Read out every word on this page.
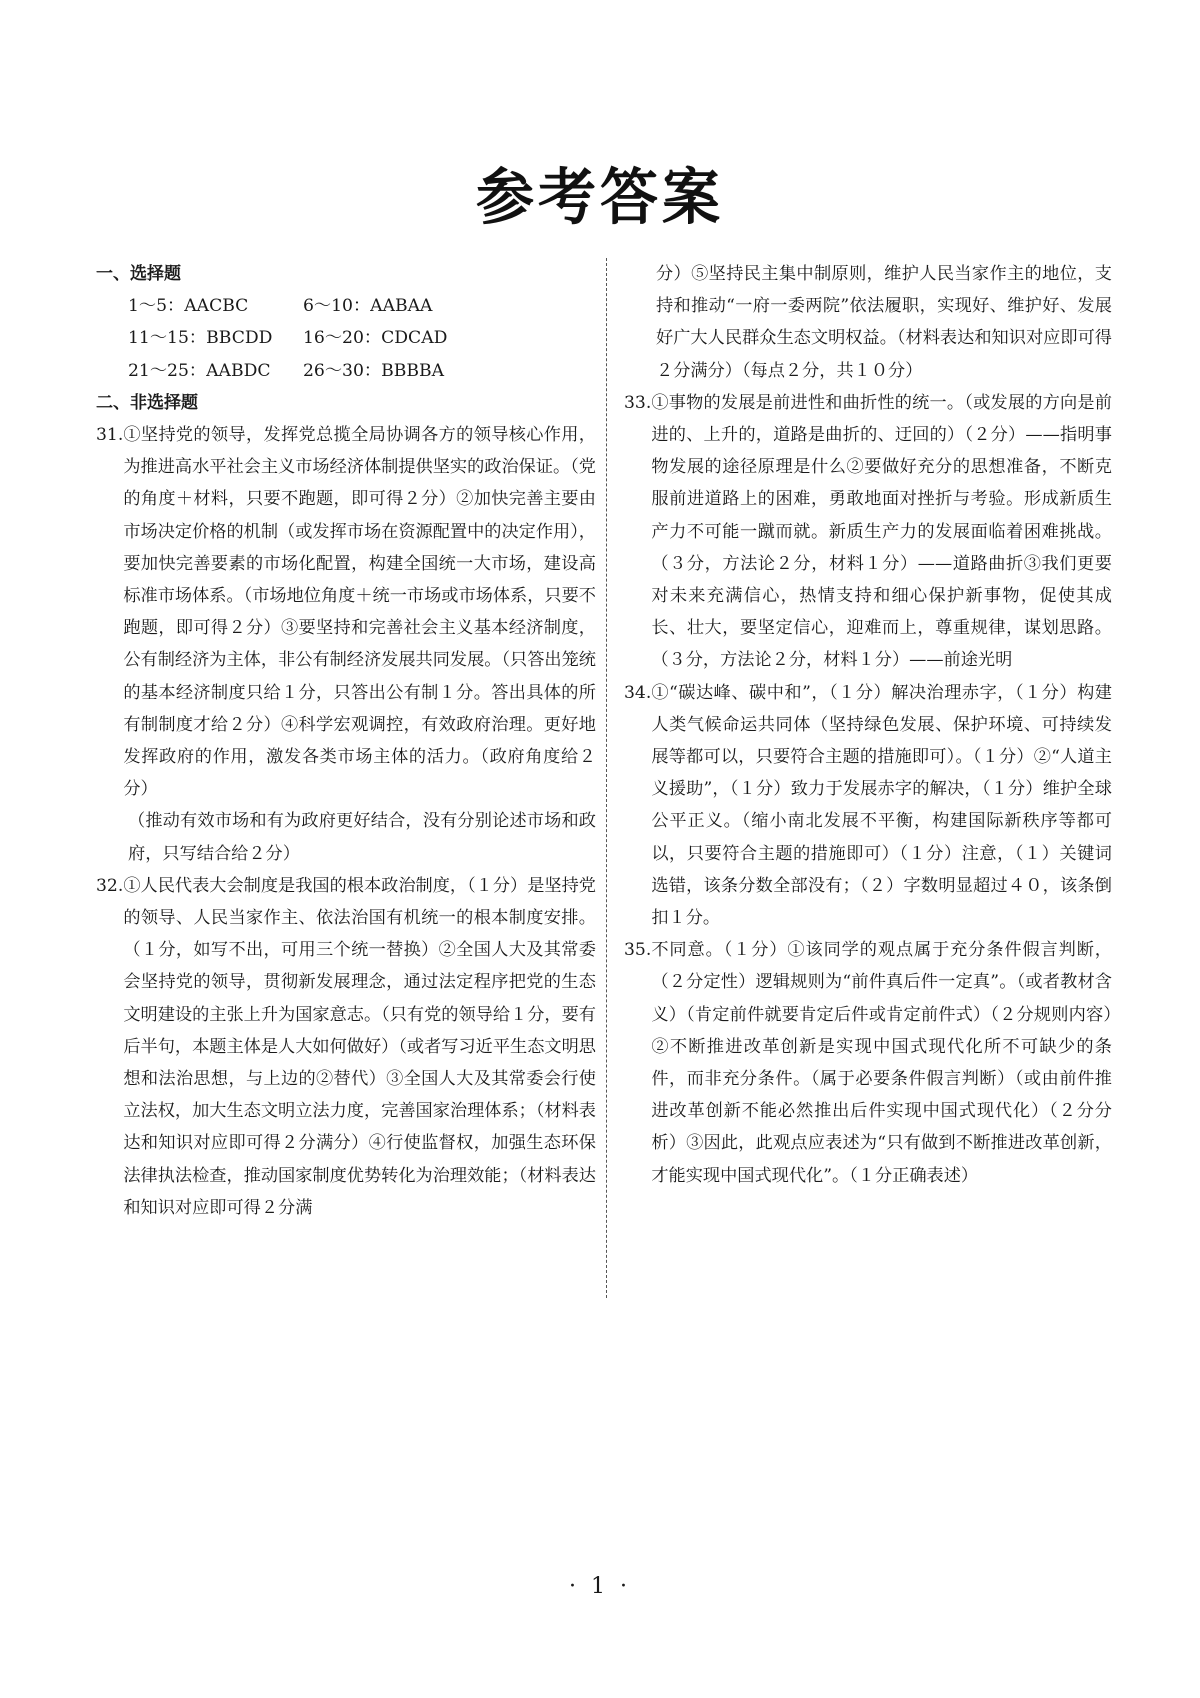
参考答案
一、选择题
1～5：AACBC	6～10：AABAA
11～15：BBCDD	16～20：CDCAD
21～25：AABDC	26～30：BBBBA
二、非选择题
31. ①坚持党的领导，发挥党总揽全局协调各方的领导核心作用，为推进高水平社会主义市场经济体制提供坚实的政治保证。（党的角度＋材料，只要不跑题，即可得２分）②加快完善主要由市场决定价格的机制（或发挥市场在资源配置中的决定作用），要加快完善要素的市场化配置，构建全国统一大市场，建设高标准市场体系。（市场地位角度＋统一市场或市场体系，只要不跑题，即可得２分）③要坚持和完善社会主义基本经济制度，公有制经济为主体，非公有制经济发展共同发展。（只答出笼统的基本经济制度只给１分，只答出公有制１分。答出具体的所有制制度才给２分）④科学宏观调控，有效政府治理。更好地发挥政府的作用，激发各类市场主体的活力。（政府角度给２分）
（推动有效市场和有为政府更好结合，没有分别论述市场和政府，只写结合给２分）
32. ①人民代表大会制度是我国的根本政治制度，（１分）是坚持党的领导、人民当家作主、依法治国有机统一的根本制度安排。（１分，如写不出，可用三个统一替换）②全国人大及其常委会坚持党的领导，贯彻新发展理念，通过法定程序把党的生态文明建设的主张上升为国家意志。（只有党的领导给１分，要有后半句，本题主体是人大如何做好）（或者写习近平生态文明思想和法治思想，与上边的②替代）③全国人大及其常委会行使立法权，加大生态文明立法力度，完善国家治理体系；（材料表达和知识对应即可得２分满分）④行使监督权，加强生态环保法律执法检查，推动国家制度优势转化为治理效能；（材料表达和知识对应即可得２分满
分）⑤坚持民主集中制原则，维护人民当家作主的地位，支持和推动“一府一委两院”依法履职，实现好、维护好、发展好广大人民群众生态文明权益。（材料表达和知识对应即可得２分满分）（每点２分，共１０分）
33. ①事物的发展是前进性和曲折性的统一。（或发展的方向是前进的、上升的，道路是曲折的、迂回的）（２分）——指明事物发展的途径原理是什么②要做好充分的思想准备，不断克服前进道路上的困难，勇敢地面对挫折与考验。形成新质生产力不可能一蹴而就。新质生产力的发展面临着困难挑战。（３分，方法论２分，材料１分）——道路曲折③我们更要对未来充满信心，热情支持和细心保护新事物，促使其成长、壮大，要坚定信心，迎难而上，尊重规律，谋划思路。（３分，方法论２分，材料１分）——前途光明
34. ①“碳达峰、碳中和”，（１分）解决治理赤字，（１分）构建人类气候命运共同体（坚持绿色发展、保护环境、可持续发展等都可以，只要符合主题的措施即可）。（１分）②“人道主义援助”，（１分）致力于发展赤字的解决，（１分）维护全球公平正义。（缩小南北发展不平衡，构建国际新秩序等都可以，只要符合主题的措施即可）（１分）注意，（１）关键词选错，该条分数全部没有；（２）字数明显超过４０，该条倒扣１分。
35. 不同意。（１分）①该同学的观点属于充分条件假言判断，（２分定性）逻辑规则为“前件真后件一定真”。（或者教材含义）（肯定前件就要肯定后件或肯定前件式）（２分规则内容）②不断推进改革创新是实现中国式现代化所不可缺少的条件，而非充分条件。（属于必要条件假言判断）（或由前件推进改革创新不能必然推出后件实现中国式现代化）（２分分析）③因此，此观点应表述为“只有做到不断推进改革创新，才能实现中国式现代化”。（１分正确表述）
· 1 ·
